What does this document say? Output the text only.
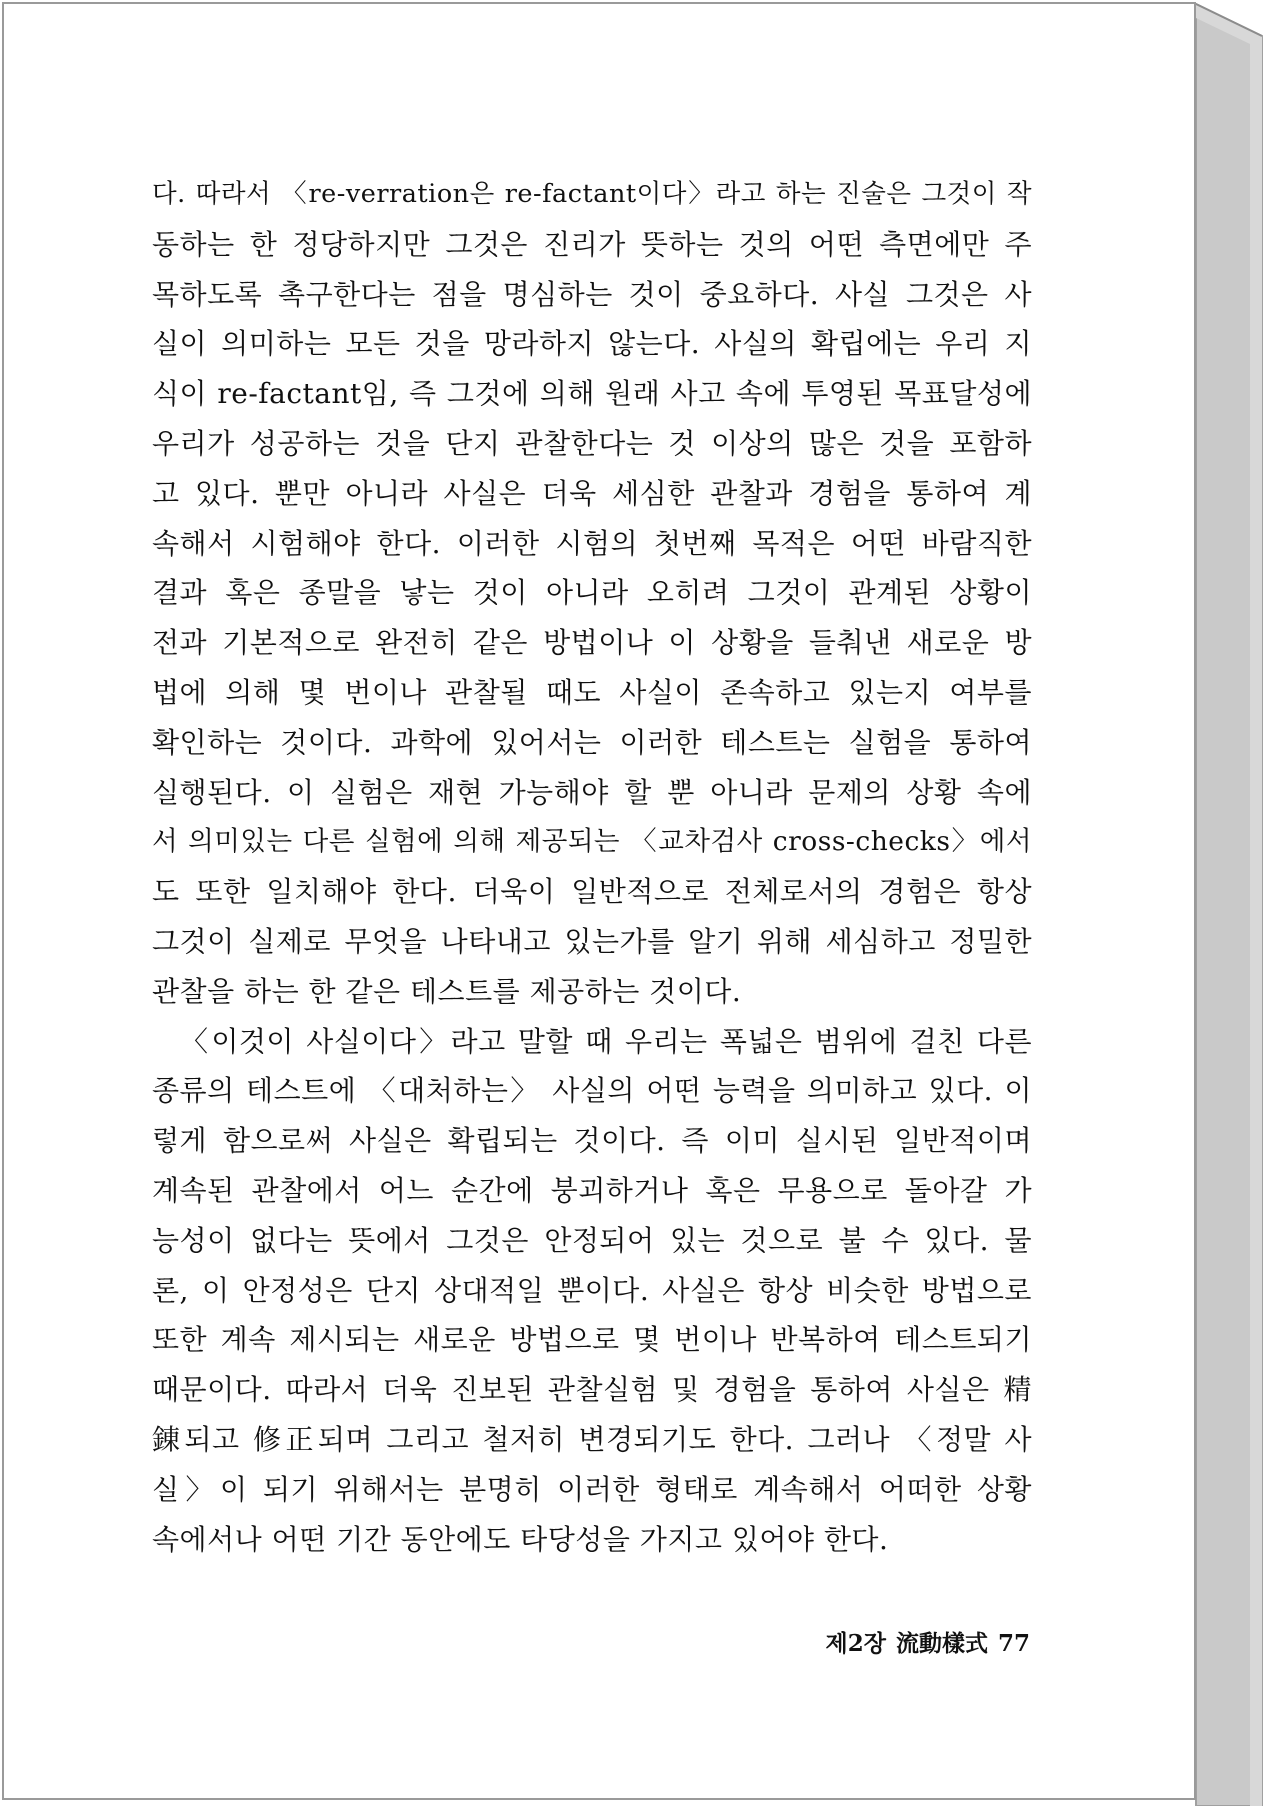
다. 따라서 〈re-verration은 re-factant이다〉라고 하는 진술은 그것이 작
동하는 한 정당하지만 그것은 진리가 뜻하는 것의 어떤 측면에만 주
목하도록 촉구한다는 점을 명심하는 것이 중요하다. 사실 그것은 사
실이 의미하는 모든 것을 망라하지 않는다. 사실의 확립에는 우리 지
식이 re-factant임, 즉 그것에 의해 원래 사고 속에 투영된 목표달성에
우리가 성공하는 것을 단지 관찰한다는 것 이상의 많은 것을 포함하
고 있다. 뿐만 아니라 사실은 더욱 세심한 관찰과 경험을 통하여 계
속해서 시험해야 한다. 이러한 시험의 첫번째 목적은 어떤 바람직한
결과 혹은 종말을 낳는 것이 아니라 오히려 그것이 관계된 상황이
전과 기본적으로 완전히 같은 방법이나 이 상황을 들춰낸 새로운 방
법에 의해 몇 번이나 관찰될 때도 사실이 존속하고 있는지 여부를
확인하는 것이다. 과학에 있어서는 이러한 테스트는 실험을 통하여
실행된다. 이 실험은 재현 가능해야 할 뿐 아니라 문제의 상황 속에
서 의미있는 다른 실험에 의해 제공되는 〈교차검사 cross-checks〉에서
도 또한 일치해야 한다. 더욱이 일반적으로 전체로서의 경험은 항상
그것이 실제로 무엇을 나타내고 있는가를 알기 위해 세심하고 정밀한
관찰을 하는 한 같은 테스트를 제공하는 것이다.
〈이것이 사실이다〉라고 말할 때 우리는 폭넓은 범위에 걸친 다른
종류의 테스트에 〈대처하는〉 사실의 어떤 능력을 의미하고 있다. 이
렇게 함으로써 사실은 확립되는 것이다. 즉 이미 실시된 일반적이며
계속된 관찰에서 어느 순간에 붕괴하거나 혹은 무용으로 돌아갈 가
능성이 없다는 뜻에서 그것은 안정되어 있는 것으로 불 수 있다. 물
론, 이 안정성은 단지 상대적일 뿐이다. 사실은 항상 비슷한 방법으로
또한 계속 제시되는 새로운 방법으로 몇 번이나 반복하여 테스트되기
때문이다. 따라서 더욱 진보된 관찰실험 및 경험을 통하여 사실은 精
錬되고 修正되며 그리고 철저히 변경되기도 한다. 그러나 〈정말 사
실〉이 되기 위해서는 분명히 이러한 형태로 계속해서 어떠한 상황
속에서나 어떤 기간 동안에도 타당성을 가지고 있어야 한다.
제2장 流動樣式 77
